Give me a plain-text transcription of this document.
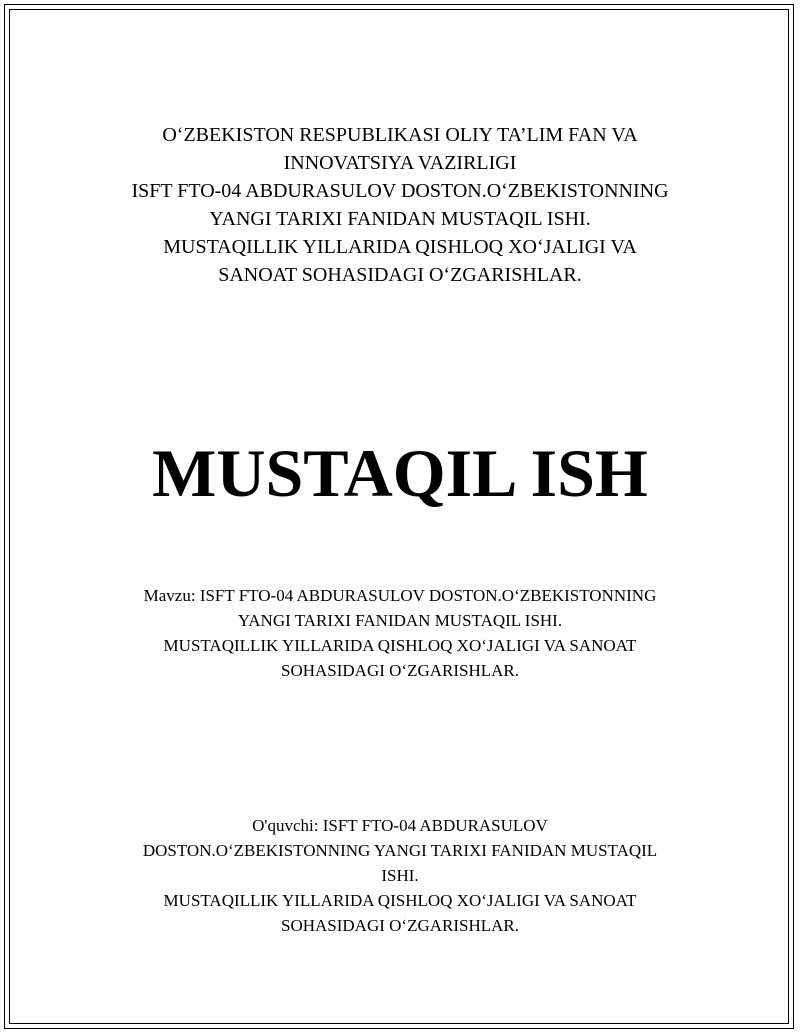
O‘ZBEKISTON RESPUBLIKASI OLIY TA’LIM FAN VA

INNOVATSIYA VAZIRLIGI

ISFT FTO-04 ABDURASULOV DOSTON.O‘ZBEKISTONNING

YANGI TARIXI FANIDAN MUSTAQIL ISHI.

MUSTAQILLIK YILLARIDA QISHLOQ XO‘JALIGI VA

SANOAT SOHASIDAGI O‘ZGARISHLAR.

MUSTAQIL ISH

Mavzu: ISFT FTO-04 ABDURASULOV DOSTON.O‘ZBEKISTONNING

YANGI TARIXI FANIDAN MUSTAQIL ISHI.

MUSTAQILLIK YILLARIDA QISHLOQ XO‘JALIGI VA SANOAT

SOHASIDAGI O‘ZGARISHLAR.

O'quvchi: ISFT FTO-04 ABDURASULOV

DOSTON.O‘ZBEKISTONNING YANGI TARIXI FANIDAN MUSTAQIL

ISHI.

MUSTAQILLIK YILLARIDA QISHLOQ XO‘JALIGI VA SANOAT

SOHASIDAGI O‘ZGARISHLAR.
